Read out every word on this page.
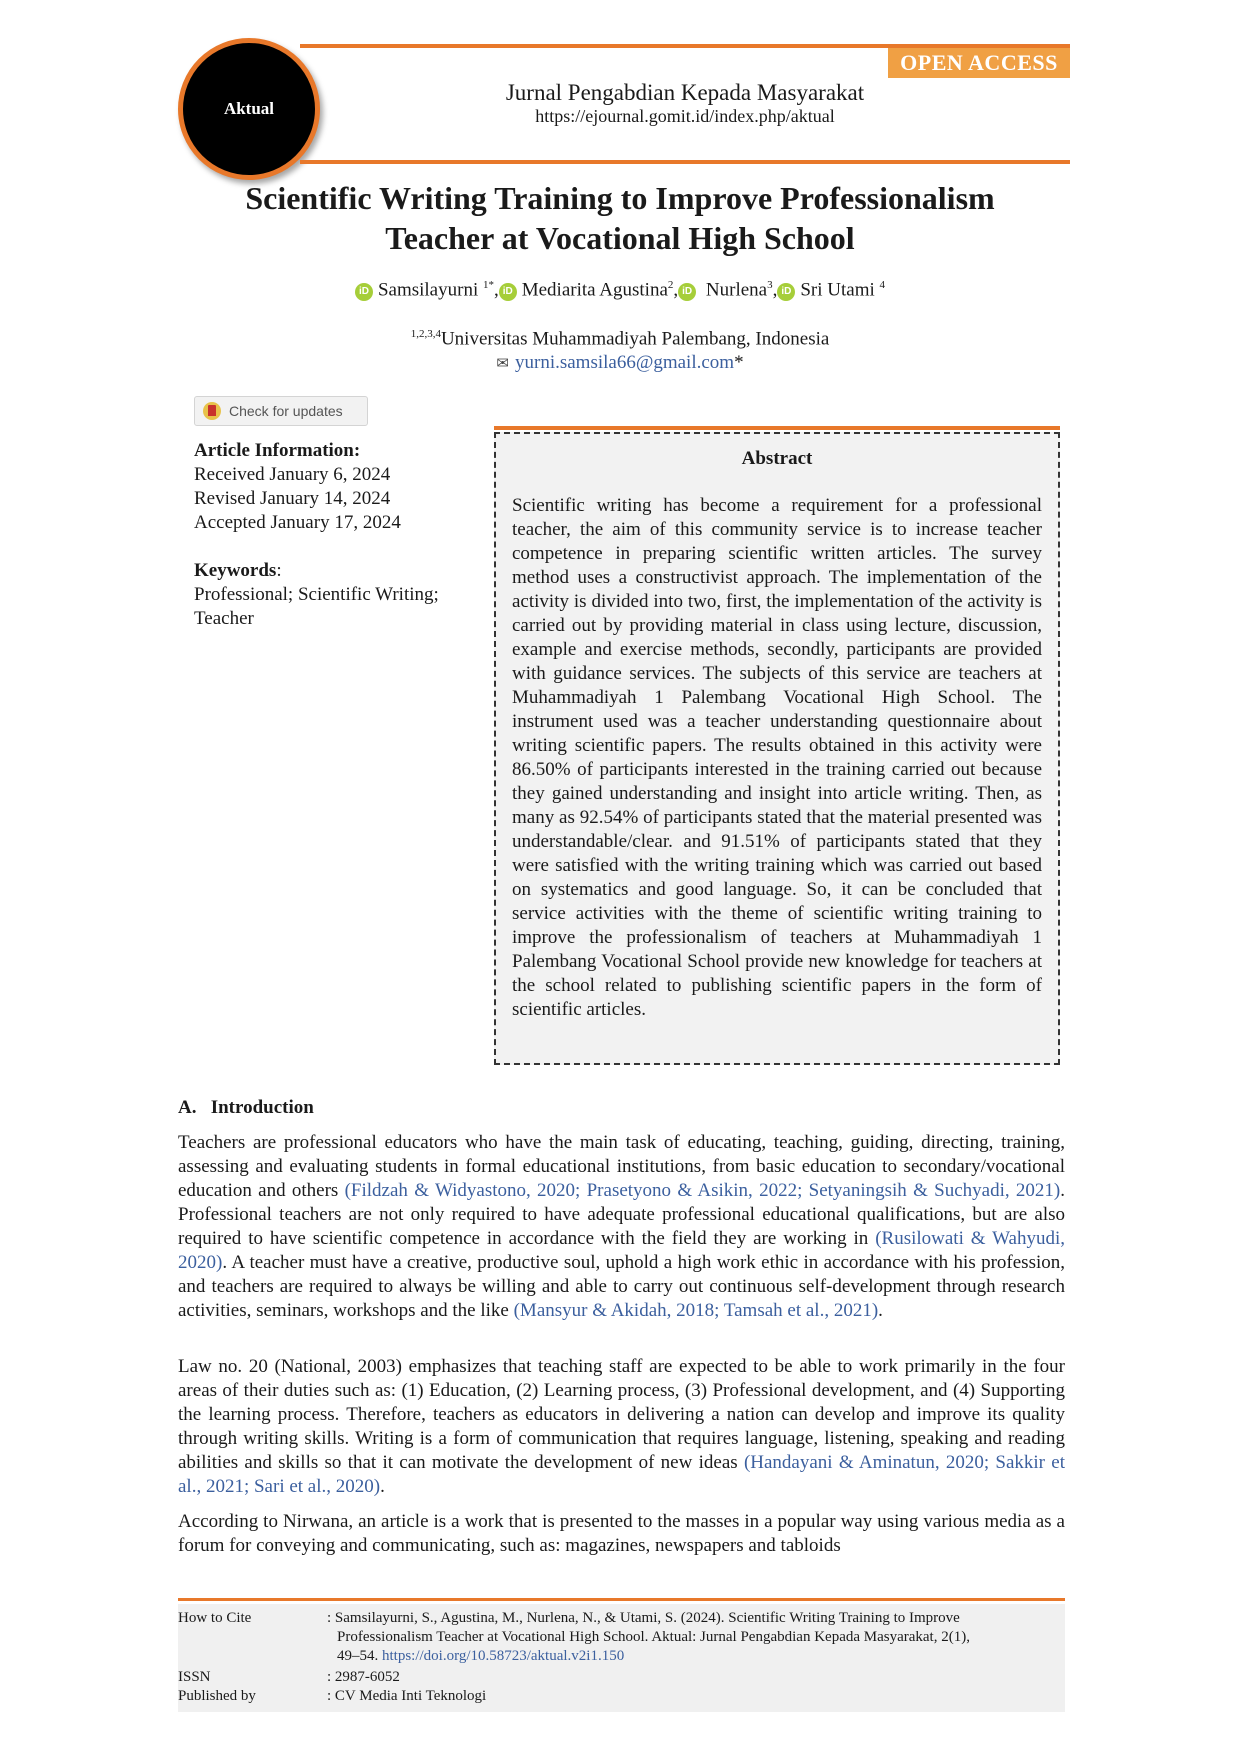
Aktual
OPEN ACCESS
Jurnal Pengabdian Kepada Masyarakat
https://ejournal.gomit.id/index.php/aktual
Scientific Writing Training to Improve Professionalism
Teacher at Vocational High School
iD Samsilayurni $^{1*}$, iD Mediarita Agustina$^2$, iD Nurlena$^3$, iD Sri Utami $^4$
$^{1,2,3,4}$Universitas Muhammadiyah Palembang, Indonesia
✉ yurni.samsila66@gmail.com*
Check for updates
Article Information:
Received January 6, 2024
Revised January 14, 2024
Accepted January 17, 2024
Keywords:
Professional; Scientific Writing;
Teacher
Abstract
Scientific writing has become a requirement for a professional teacher, the aim of this community service is to increase teacher competence in preparing scientific written articles. The survey method uses a constructivist approach. The implementation of the activity is divided into two, first, the implementation of the activity is carried out by providing material in class using lecture, discussion, example and exercise methods, secondly, participants are provided with guidance services. The subjects of this service are teachers at Muhammadiyah 1 Palembang Vocational High School. The instrument used was a teacher understanding questionnaire about writing scientific papers. The results obtained in this activity were 86.50% of participants interested in the training carried out because they gained understanding and insight into article writing. Then, as many as 92.54% of participants stated that the material presented was understandable/clear. and 91.51% of participants stated that they were satisfied with the writing training which was carried out based on systematics and good language. So, it can be concluded that service activities with the theme of scientific writing training to improve the professionalism of teachers at Muhammadiyah 1 Palembang Vocational School provide new knowledge for teachers at the school related to publishing scientific papers in the form of scientific articles.
A.   Introduction
Teachers are professional educators who have the main task of educating, teaching, guiding, directing, training, assessing and evaluating students in formal educational institutions, from basic education to secondary/vocational education and others (Fildzah & Widyastono, 2020; Prasetyono & Asikin, 2022; Setyaningsih & Suchyadi, 2021). Professional teachers are not only required to have adequate professional educational qualifications, but are also required to have scientific competence in accordance with the field they are working in (Rusilowati & Wahyudi, 2020). A teacher must have a creative, productive soul, uphold a high work ethic in accordance with his profession, and teachers are required to always be willing and able to carry out continuous self-development through research activities, seminars, workshops and the like (Mansyur & Akidah, 2018; Tamsah et al., 2021).
Law no. 20 (National, 2003) emphasizes that teaching staff are expected to be able to work primarily in the four areas of their duties such as: (1) Education, (2) Learning process, (3) Professional development, and (4) Supporting the learning process. Therefore, teachers as educators in delivering a nation can develop and improve its quality through writing skills. Writing is a form of communication that requires language, listening, speaking and reading abilities and skills so that it can motivate the development of new ideas (Handayani & Aminatun, 2020; Sakkir et al., 2021; Sari et al., 2020).
According to Nirwana, an article is a work that is presented to the masses in a popular way using various media as a forum for conveying and communicating, such as: magazines, newspapers and tabloids
How to Cite	: Samsilayurni, S., Agustina, M., Nurlena, N., & Utami, S. (2024). Scientific Writing Training to Improve
Professionalism Teacher at Vocational High School. Aktual: Jurnal Pengabdian Kepada Masyarakat, 2(1),
49–54. https://doi.org/10.58723/aktual.v2i1.150
ISSN	: 2987-6052
Published by	: CV Media Inti Teknologi
